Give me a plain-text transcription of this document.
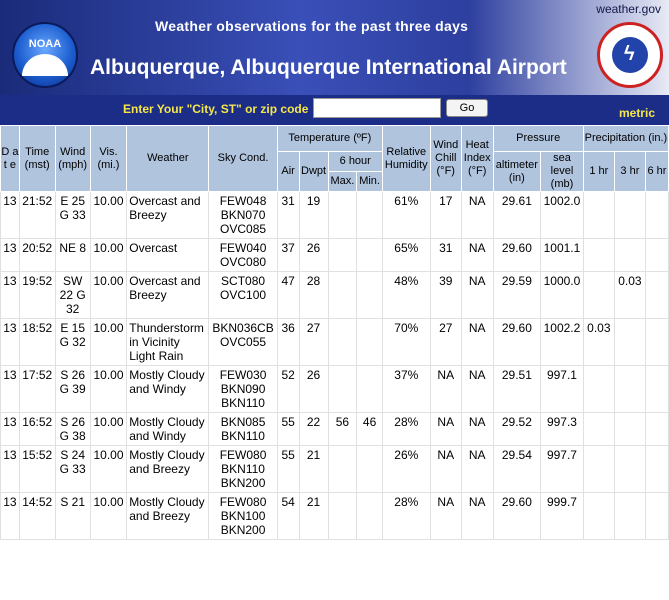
NOAA
weather.gov
Weather observations for the past three days
Albuquerque, Albuquerque International Airport
ϟ
Enter Your "City, ST" or zip code	Go	metric
D a t e	Time (mst)	Wind (mph)	Vis. (mi.)	Weather	Sky Cond.	Temperature (ºF)				Relative Humidity	Wind Chill (°F)	Heat Index (°F)	Pressure		Precipitation (in.)		
						Air	Dwpt	6 hour					altimeter (in)	sea level (mb)	1 hr	3 hr	6 hr
								Max.	Min.								
13	21:52	E 25 G 33	10.00	Overcast and Breezy	FEW048 BKN070 OVC085	31	19			61%	17	NA	29.61	1002.0			
13	20:52	NE 8	10.00	Overcast	FEW040 OVC080	37	26			65%	31	NA	29.60	1001.1			
13	19:52	SW 22 G 32	10.00	Overcast and Breezy	SCT080 OVC100	47	28			48%	39	NA	29.59	1000.0		0.03	
13	18:52	E 15 G 32	10.00	Thunderstorm in Vicinity Light Rain	BKN036CB OVC055	36	27			70%	27	NA	29.60	1002.2	0.03		
13	17:52	S 26 G 39	10.00	Mostly Cloudy and Windy	FEW030 BKN090 BKN110	52	26			37%	NA	NA	29.51	997.1			
13	16:52	S 26 G 38	10.00	Mostly Cloudy and Windy	BKN085 BKN110	55	22	56	46	28%	NA	NA	29.52	997.3			
13	15:52	S 24 G 33	10.00	Mostly Cloudy and Breezy	FEW080 BKN110 BKN200	55	21			26%	NA	NA	29.54	997.7			
13	14:52	S 21	10.00	Mostly Cloudy and Breezy	FEW080 BKN100 BKN200	54	21			28%	NA	NA	29.60	999.7			
